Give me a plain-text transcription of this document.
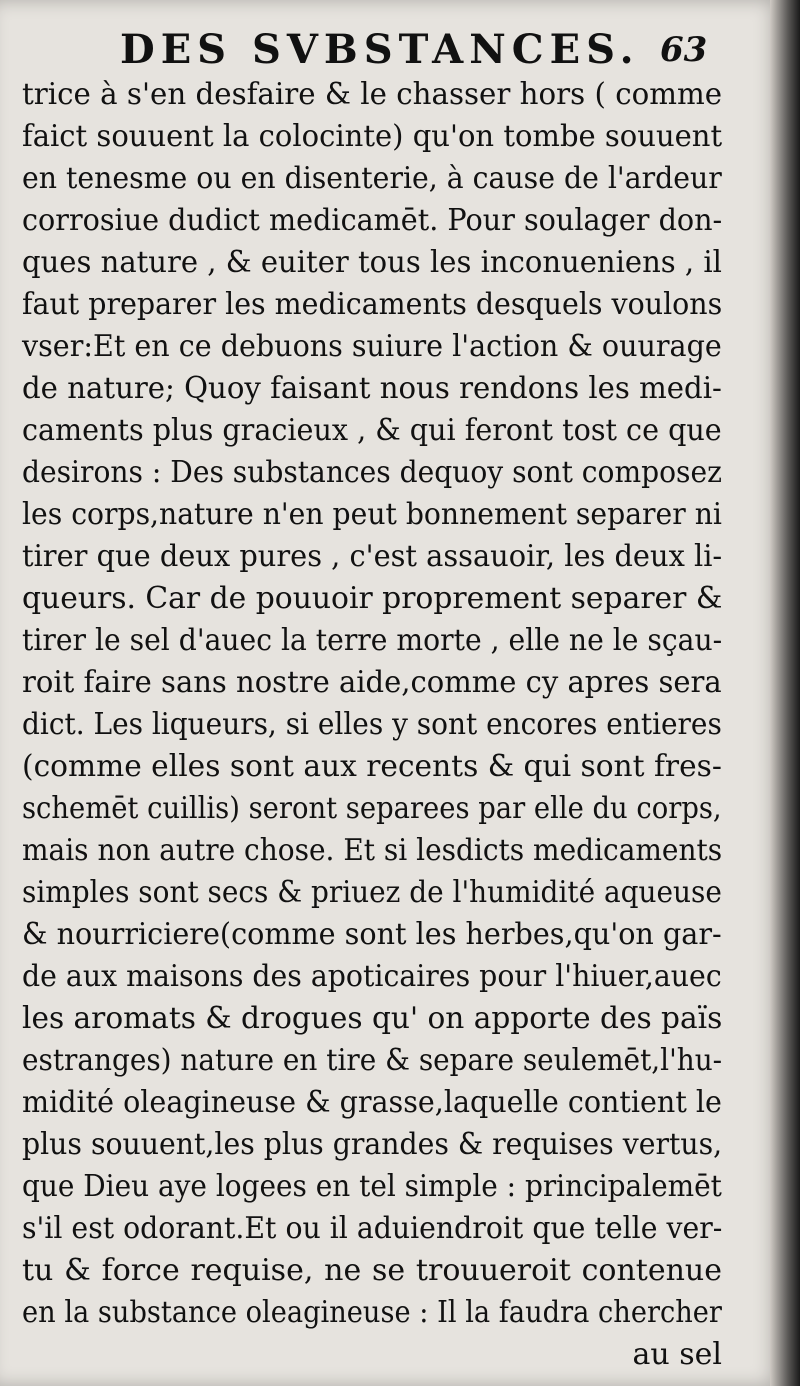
DES SVBSTANCES. 63
trice à s'en desfaire & le chasser hors ( comme
faict souuent la colocinte) qu'on tombe souuent
en tenesme ou en disenterie, à cause de l'ardeur
corrosiue dudict medicamēt. Pour soulager don-
ques nature , & euiter tous les inconueniens , il
faut preparer les medicaments desquels voulons
vser:Et en ce debuons suiure l'action & ouurage
de nature; Quoy faisant nous rendons les medi-
caments plus gracieux , & qui feront tost ce que
desirons : Des substances dequoy sont composez
les corps,nature n'en peut bonnement separer ni
tirer que deux pures , c'est assauoir, les deux li-
queurs. Car de pouuoir proprement separer &
tirer le sel d'auec la terre morte , elle ne le sçau-
roit faire sans nostre aide,comme cy apres sera
dict. Les liqueurs, si elles y sont encores entieres
(comme elles sont aux recents & qui sont fres-
schemēt cuillis) seront separees par elle du corps,
mais non autre chose. Et si lesdicts medicaments
simples sont secs & priuez de l'humidité aqueuse
& nourriciere(comme sont les herbes,qu'on gar-
de aux maisons des apoticaires pour l'hiuer,auec
les aromats & drogues qu' on apporte des païs
estranges) nature en tire & separe seulemēt,l'hu-
midité oleagineuse & grasse,laquelle contient le
plus souuent,les plus grandes & requises vertus,
que Dieu aye logees en tel simple : principalemēt
s'il est odorant.Et ou il aduiendroit que telle ver-
tu & force requise, ne se trouueroit contenue
en la substance oleagineuse : Il la faudra chercher
au sel
